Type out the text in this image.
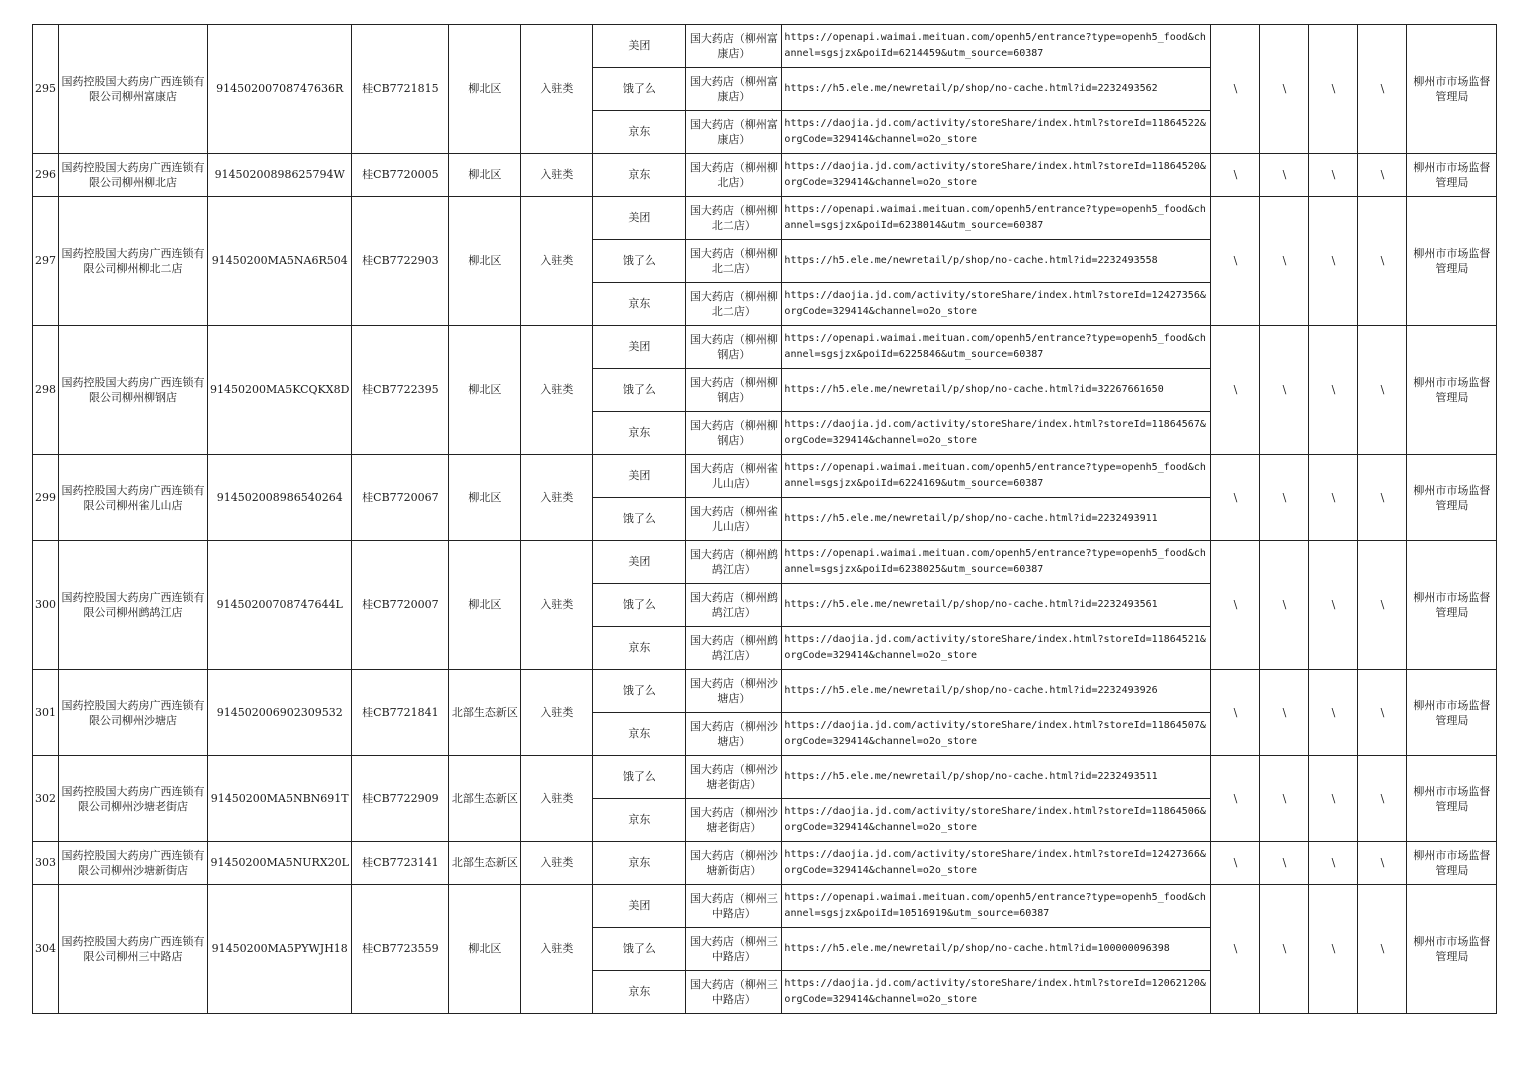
295	国药控股国大药房广西连锁有限公司柳州富康店	91450200708747636R	桂CB7721815	柳北区	入驻类	美团	国大药店（柳州富康店）	https://openapi.waimai.meituan.com/openh5/entrance?type=openh5_food&channel=sgsjzx&poiId=6214459&utm_source=60387	\	\	\	\	柳州市市场监督管理局
						饿了么	国大药店（柳州富康店）	https://h5.ele.me/newretail/p/shop/no-cache.html?id=2232493562					
						京东	国大药店（柳州富康店）	https://daojia.jd.com/activity/storeShare/index.html?storeId=11864522&orgCode=329414&channel=o2o_store					
296	国药控股国大药房广西连锁有限公司柳州柳北店	91450200898625794W	桂CB7720005	柳北区	入驻类	京东	国大药店（柳州柳北店）	https://daojia.jd.com/activity/storeShare/index.html?storeId=11864520&orgCode=329414&channel=o2o_store	\	\	\	\	柳州市市场监督管理局
297	国药控股国大药房广西连锁有限公司柳州柳北二店	91450200MA5NA6R504	桂CB7722903	柳北区	入驻类	美团	国大药店（柳州柳北二店）	https://openapi.waimai.meituan.com/openh5/entrance?type=openh5_food&channel=sgsjzx&poiId=6238014&utm_source=60387	\	\	\	\	柳州市市场监督管理局
						饿了么	国大药店（柳州柳北二店）	https://h5.ele.me/newretail/p/shop/no-cache.html?id=2232493558					
						京东	国大药店（柳州柳北二店）	https://daojia.jd.com/activity/storeShare/index.html?storeId=12427356&orgCode=329414&channel=o2o_store					
298	国药控股国大药房广西连锁有限公司柳州柳钢店	91450200MA5KCQKX8D	桂CB7722395	柳北区	入驻类	美团	国大药店（柳州柳钢店）	https://openapi.waimai.meituan.com/openh5/entrance?type=openh5_food&channel=sgsjzx&poiId=6225846&utm_source=60387	\	\	\	\	柳州市市场监督管理局
						饿了么	国大药店（柳州柳钢店）	https://h5.ele.me/newretail/p/shop/no-cache.html?id=32267661650					
						京东	国大药店（柳州柳钢店）	https://daojia.jd.com/activity/storeShare/index.html?storeId=11864567&orgCode=329414&channel=o2o_store					
299	国药控股国大药房广西连锁有限公司柳州雀儿山店	914502008986540264	桂CB7720067	柳北区	入驻类	美团	国大药店（柳州雀儿山店）	https://openapi.waimai.meituan.com/openh5/entrance?type=openh5_food&channel=sgsjzx&poiId=6224169&utm_source=60387	\	\	\	\	柳州市市场监督管理局
						饿了么	国大药店（柳州雀儿山店）	https://h5.ele.me/newretail/p/shop/no-cache.html?id=2232493911					
300	国药控股国大药房广西连锁有限公司柳州鹧鸪江店	91450200708747644L	桂CB7720007	柳北区	入驻类	美团	国大药店（柳州鹧鸪江店）	https://openapi.waimai.meituan.com/openh5/entrance?type=openh5_food&channel=sgsjzx&poiId=6238025&utm_source=60387	\	\	\	\	柳州市市场监督管理局
						饿了么	国大药店（柳州鹧鸪江店）	https://h5.ele.me/newretail/p/shop/no-cache.html?id=2232493561					
						京东	国大药店（柳州鹧鸪江店）	https://daojia.jd.com/activity/storeShare/index.html?storeId=11864521&orgCode=329414&channel=o2o_store					
301	国药控股国大药房广西连锁有限公司柳州沙塘店	914502006902309532	桂CB7721841	北部生态新区	入驻类	饿了么	国大药店（柳州沙塘店）	https://h5.ele.me/newretail/p/shop/no-cache.html?id=2232493926	\	\	\	\	柳州市市场监督管理局
						京东	国大药店（柳州沙塘店）	https://daojia.jd.com/activity/storeShare/index.html?storeId=11864507&orgCode=329414&channel=o2o_store					
302	国药控股国大药房广西连锁有限公司柳州沙塘老街店	91450200MA5NBN691T	桂CB7722909	北部生态新区	入驻类	饿了么	国大药店（柳州沙塘老街店）	https://h5.ele.me/newretail/p/shop/no-cache.html?id=2232493511	\	\	\	\	柳州市市场监督管理局
						京东	国大药店（柳州沙塘老街店）	https://daojia.jd.com/activity/storeShare/index.html?storeId=11864506&orgCode=329414&channel=o2o_store					
303	国药控股国大药房广西连锁有限公司柳州沙塘新街店	91450200MA5NURX20L	桂CB7723141	北部生态新区	入驻类	京东	国大药店（柳州沙塘新街店）	https://daojia.jd.com/activity/storeShare/index.html?storeId=12427366&orgCode=329414&channel=o2o_store	\	\	\	\	柳州市市场监督管理局
304	国药控股国大药房广西连锁有限公司柳州三中路店	91450200MA5PYWJH18	桂CB7723559	柳北区	入驻类	美团	国大药店（柳州三中路店）	https://openapi.waimai.meituan.com/openh5/entrance?type=openh5_food&channel=sgsjzx&poiId=10516919&utm_source=60387	\	\	\	\	柳州市市场监督管理局
						饿了么	国大药店（柳州三中路店）	https://h5.ele.me/newretail/p/shop/no-cache.html?id=100000096398					
						京东	国大药店（柳州三中路店）	https://daojia.jd.com/activity/storeShare/index.html?storeId=12062120&orgCode=329414&channel=o2o_store					
